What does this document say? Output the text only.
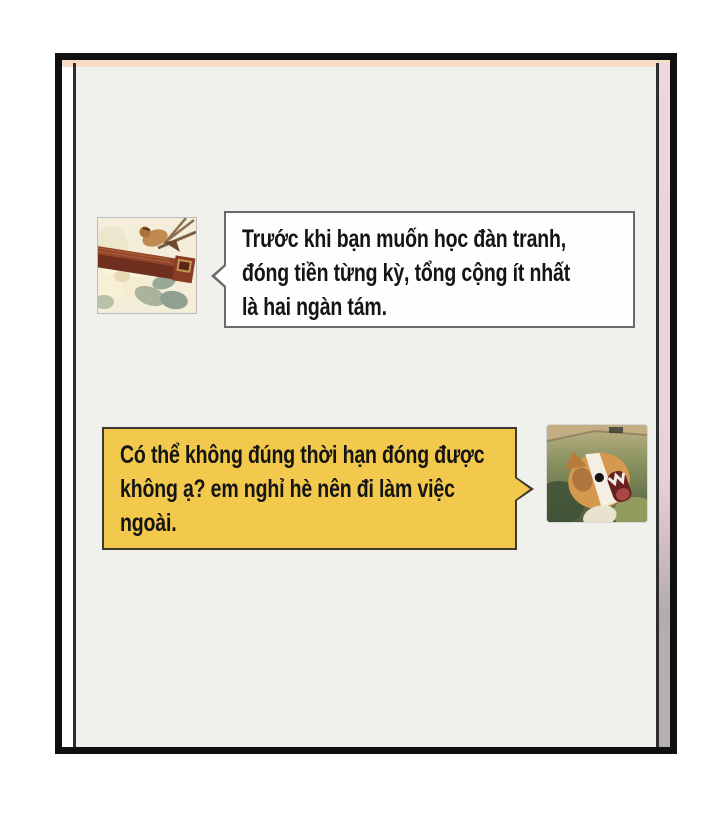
Trước khi bạn muốn học đàn tranh,
đóng tiền từng kỳ, tổng cộng ít nhất
là hai ngàn tám.
Có thể không đúng thời hạn đóng được
không ạ? em nghỉ hè nên đi làm việc
ngoài.
